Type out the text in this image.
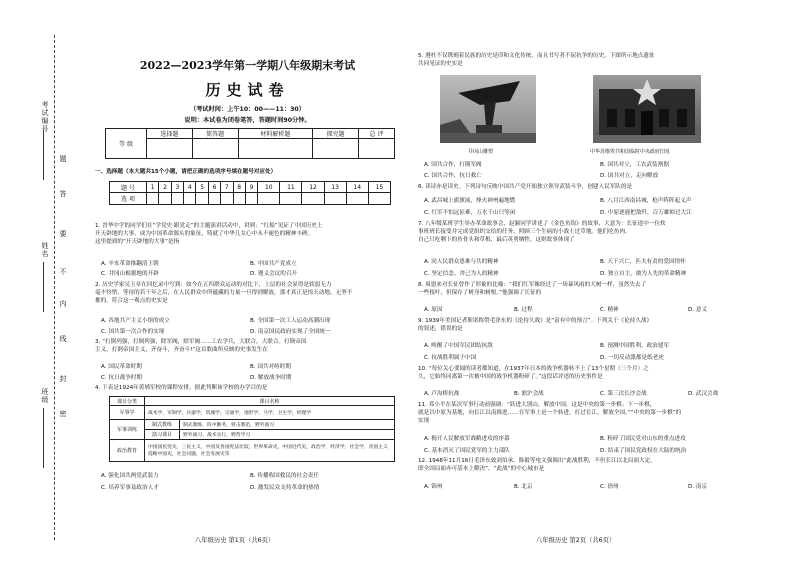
考试编号
姓名
班级
题
答
要
不
内
线
封
密
2022—2023学年第一学期八年级期末考试
历史试卷
（考试时间：上午10：00——11：30）
说明：本试卷为闭卷笔答，答题时间90分钟。
等 级	选择题	简答题	材料解析题	探究题	总 评

一、选择题（本大题共15个小题，请把正确的选项序号填在题号对应处）
题 号	1	2	3	4	5	6	7	8	9	10	11	12	13	14	15
选 项															
1. 晋华中学的同学们在“学党史·跟党走”的主题演讲活动中，讲到：“红船”见证了中国历史上
开天辟地的大事，成为中国革命源头的象征，铸就了中华儿女心中永不褪色的精神丰碑。
这里提到的“开天辟地的大事”是指
A. 辛亥革命推翻清王朝	B. 中国共产党成立
C. 井冈山根据地的开辟	D. 遵义会议的召开
2. 历史学家吴玉章在回忆录中写到：如今在五四群众运动的对比下，上层的社会显得是软弱无力
毫不怜惜，等待的若干年之后，在人民群众中所蕴藏的力量一旦得到解放，那才真正是惊天动地、无坚不
摧的。符合这一观点的史实是
A. 各地共产主义小组的成立	B. 全国第一次工人运动高潮出现
C. 国共第一次合作的实现	D. 南京国民政府实现了全国统一
3. “打倒列强，打倒列强，除军阀，除军阀……工农学兵，大联合，大联合。打倒帝国
主义，打倒帝国主义，齐奋斗，齐奋斗!”这首歌曲所反映的史事发生在
A. 国民革命时期	B. 国共对峙时期
C. 抗日战争时期	D. 解放战争时期
4. 下表是1924年黄埔军校的课程安排，据此判断该学校的办学目的是
课目分类	课目名称	
军事学	战术学，军制学，兵器学，筑城学，交通学，地形学，马学，卫生学，经理学	
军事训练	制式教练	制式教练，阵中勤务，射击教范，野外演习
	演习课目	野外演习，战术实行，野营学习
政治教育	中国国民党史，三民主义，中国及各国宪法比较，世界革命史，中国近代史，政治学，经济学，社会学，帝国主义侵略中国史，社会问题，社会发展史等	
A. 强化国共两党武装力	B. 传播收国救民的社会责任
C. 培养军事及政治人才	D. 激发民众支持革命的热情
八年级历史 第1页（共6页）
5. 遵杜不仅镌刻着民族的历史是印和文化传统，而且书写者不屈抗争的历史。下图所示地点遗址
共同见证的史实是
井冈山雕塑	中华苏维埃共和国临时中央政府旧址
A. 国共合作，打倒军阀	B. 国共对立，工农武装割据
C. 国共合作，抗日救亡	D. 国共对立，走向解放
6. 读诗亦是读史。下列诗句反映中国共产党开始独立领导武装斗争，创建人民军队的是
A. 武昌城上旗旗展，烽火神州遍地燃	B. 八月江西南昌城，枪声阵阵起义声
C. 红军不怕远征难，万水千山只等闲	D. 中原逐鹿把敌歼，百万雄师过大江
7. 八年级某班学生举办革命故事会，赵颖同学讲述了《金色鱼钩》的故事，大意为：长征途中一位炊
事班班长接受并完成党组织交给的任务，照顾三个生病的小战士过草地。他们吃鱼肉，
自己只吃剩下的鱼骨头和草根，最后英勇牺牲。这则故事体现了
A. 同人民群众患难与共的精神	B. 天下兴亡，匹夫有责的爱国情怀
C. 坚定信念、舍己为人的精神	D. 独立自主，敢为人先的革命精神
8. 周恩来对长征曾作了形象的比喻：“我们红军像经过了一场暴风雨的大树一样，虽然失去了
一些枝叶，但保存了树身和树根。”他强调了长征的
A. 原因	B. 过程	C. 精神	D. 意义
9. 1939年美国记者斯诺称赞毛泽东的《论持久战》是“富有中的预言”。下列关于《论持久战》
的叙述，错误的是
A. 唤醒了中国军民团结抗敌	B. 预测中国胜利，政治建军
C. 抗战胜利属于中国	D. 一切反动派都是纸老虎
10. “每位关心要闻的读者都知道，在1937年日本的战争机器转不上了13个星期（三个月）之
久，它始终同离第一次被中国的战争机器粉碎了。”这段话评述的历史事件是
A. 卢沟桥抗战	B. 淞沪会战	C. 第三次长沙会战	D. 武汉会战
11. 邓小平在某次军事行动前强调：“跃进大别山，解放中国，这是中央的第一步棋；下一步棋，
就是以中原为基地，向长江以南推进……在军事上是一个转进，打过长江，解放全国。”“中央的第一步棋”的
实现
A. 揭开人民解放军战略进攻的序幕	B. 粉碎了国民党对山东的重点进攻
C. 基本消灭了国民党军的主力部队	D. 结束了国民党政权在大陆的统治
12. 1948年11月16日毛泽东致刘伯承、陈毅等电文强调出“此战胜利，不但长江以北局面大定，
即全国局面亦可基本上解决”。“此战”的中心城市是
A. 锦州	B. 北京	C. 徐州	D. 南京
八年级历史 第2页（共6页）
